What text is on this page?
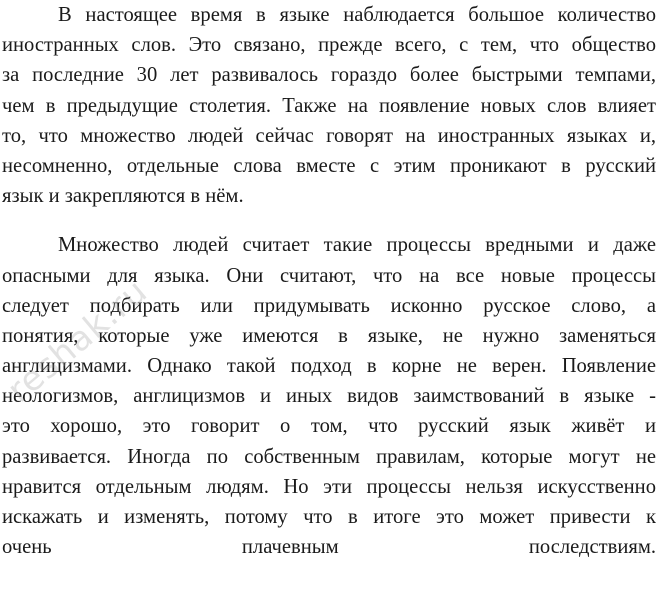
В настоящее время в языке наблюдается большое количество
иностранных слов. Это связано, прежде всего, с тем, что общество
за последние 30 лет развивалось гораздо более быстрыми темпами,
чем в предыдущие столетия. Также на появление новых слов влияет
то, что множество людей сейчас говорят на иностранных языках и,
несомненно, отдельные слова вместе с этим проникают в русский
язык и закрепляются в нём.
Множество людей считает такие процессы вредными и даже
опасными для языка. Они считают, что на все новые процессы
следует подбирать или придумывать исконно русское слово, а
понятия, которые уже имеются в языке, не нужно заменяться
англицизмами. Однако такой подход в корне не верен. Появление
неологизмов, англицизмов и иных видов заимствований в языке -
это хорошо, это говорит о том, что русский язык живёт и
развивается. Иногда по собственным правилам, которые могут не
нравится отдельным людям. Но эти процессы нельзя искусственно
искажать и изменять, потому что в итоге это может привести к
очень плачевным последствиям.
reshak.ru
